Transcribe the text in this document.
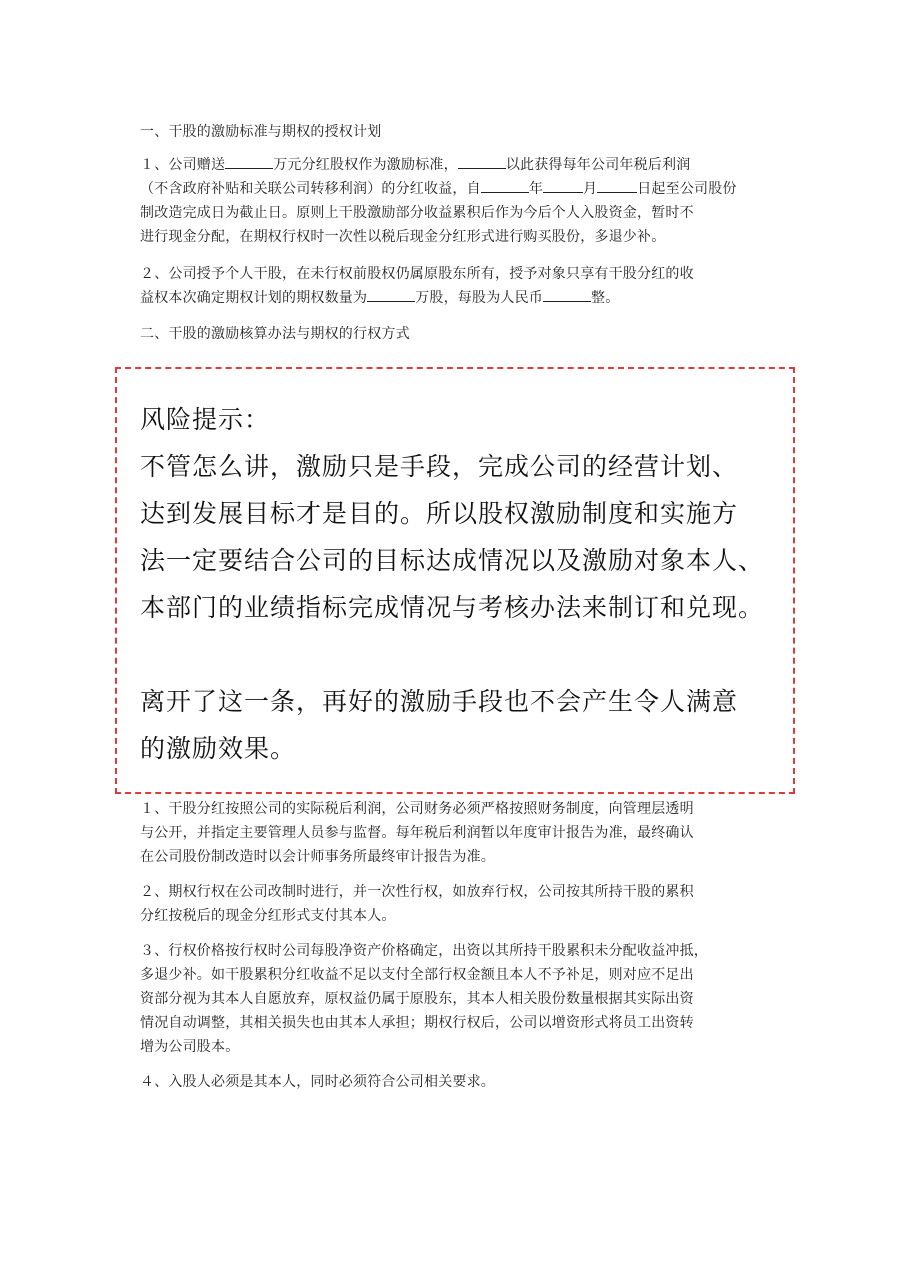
一、干股的激励标准与期权的授权计划

１、公司赠送	万元分红股权作为激励标准，	以此获得每年公司年税后利润
（不含政府补贴和关联公司转移利润）的分红收益，自	年	月	日起至公司股份
制改造完成日为截止日。原则上干股激励部分收益累积后作为今后个人入股资金，暂时不
进行现金分配，在期权行权时一次性以税后现金分红形式进行购买股份，多退少补。
２、公司授予个人干股，在未行权前股权仍属原股东所有，授予对象只享有干股分红的收
益权本次确定期权计划的期权数量为	万股，每股为人民币	整。

二、干股的激励核算办法与期权的行权方式

风险提示：
不管怎么讲，激励只是手段，完成公司的经营计划、
达到发展目标才是目的。所以股权激励制度和实施方
法一定要结合公司的目标达成情况以及激励对象本人、
本部门的业绩指标完成情况与考核办法来制订和兑现。
离开了这一条，再好的激励手段也不会产生令人满意
的激励效果。
１、干股分红按照公司的实际税后利润，公司财务必须严格按照财务制度，向管理层透明
与公开，并指定主要管理人员参与监督。每年税后利润暂以年度审计报告为准，最终确认
在公司股份制改造时以会计师事务所最终审计报告为准。
２、期权行权在公司改制时进行，并一次性行权，如放弃行权，公司按其所持干股的累积
分红按税后的现金分红形式支付其本人。
３、行权价格按行权时公司每股净资产价格确定，出资以其所持干股累积未分配收益冲抵，
多退少补。如干股累积分红收益不足以支付全部行权金额且本人不予补足，则对应不足出
资部分视为其本人自愿放弃，原权益仍属于原股东，其本人相关股份数量根据其实际出资
情况自动调整，其相关损失也由其本人承担；期权行权后，公司以增资形式将员工出资转
增为公司股本。
４、入股人必须是其本人，同时必须符合公司相关要求。
